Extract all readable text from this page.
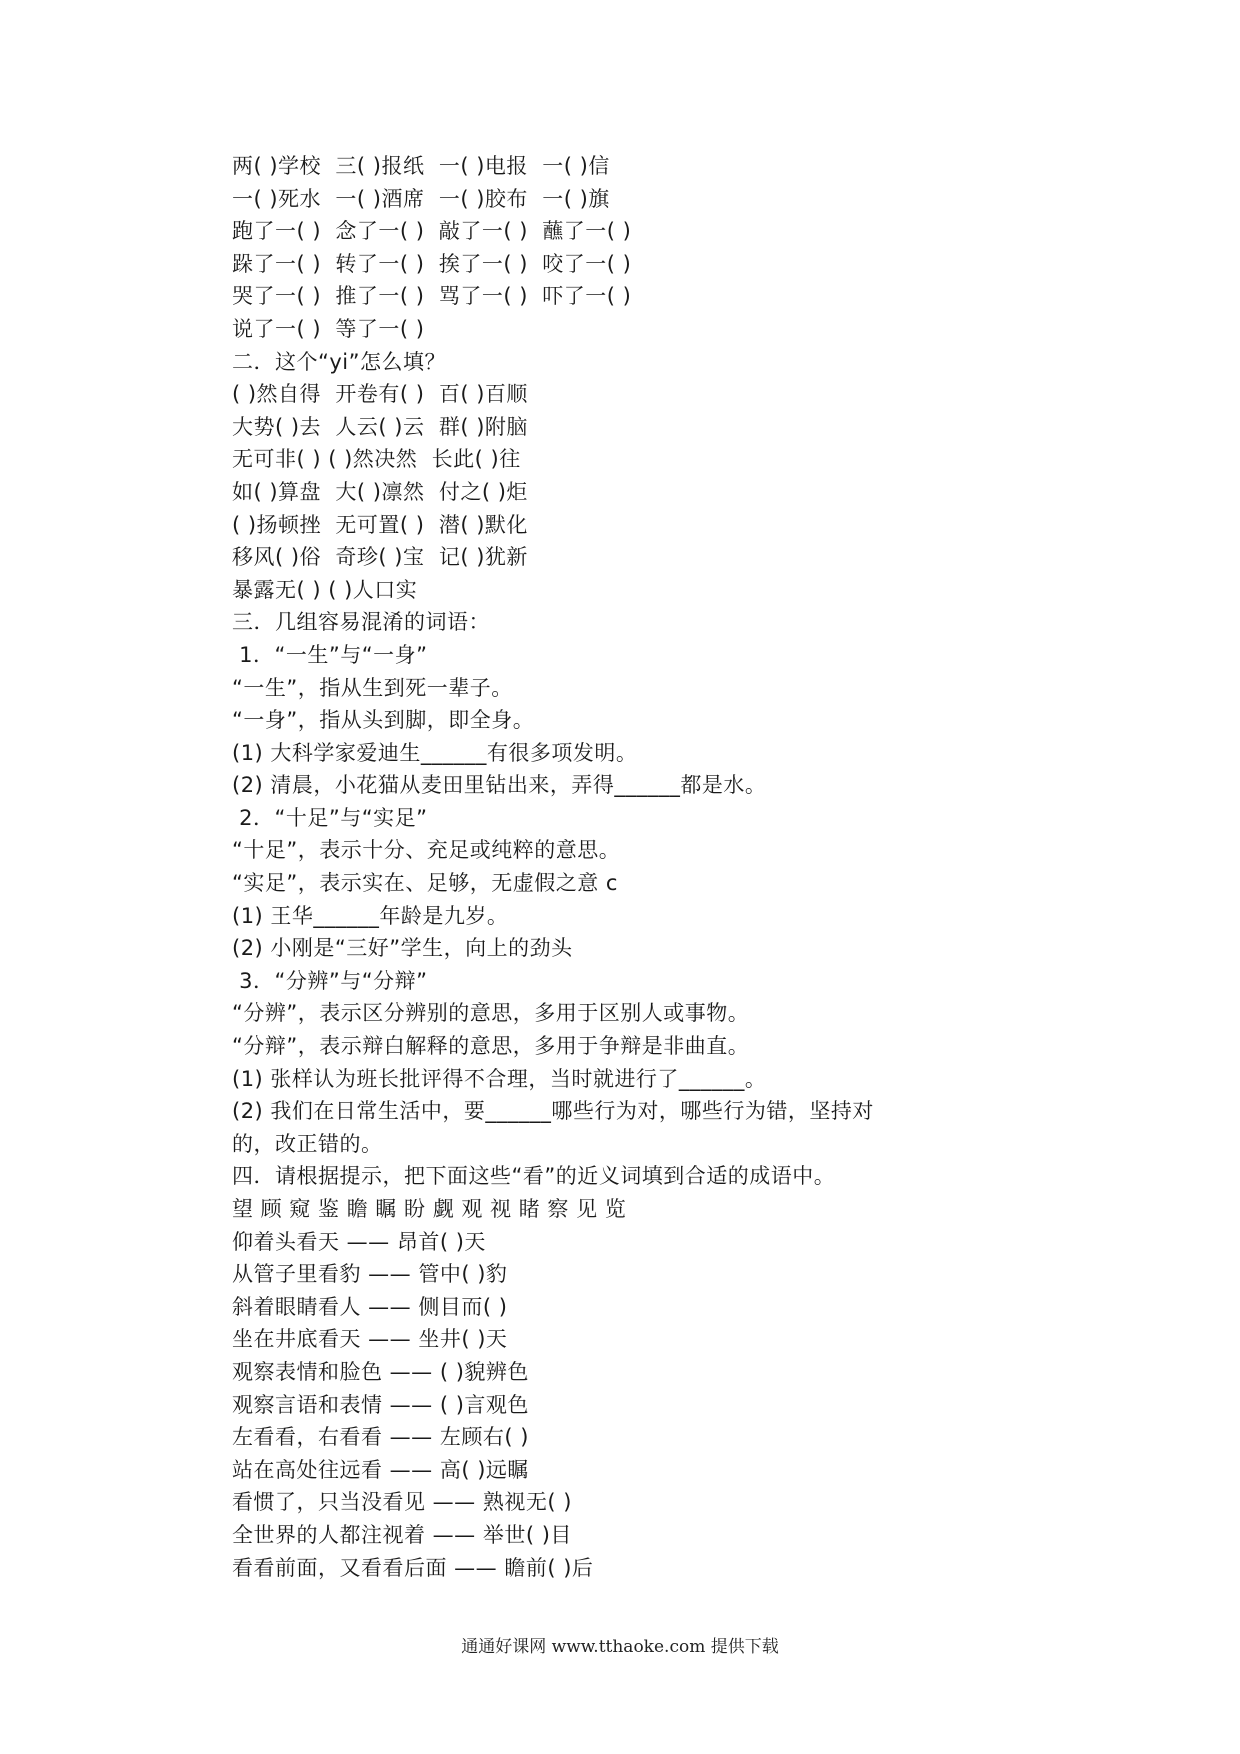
两( )学校  三( )报纸  一( )电报  一( )信
一( )死水  一( )酒席  一( )胶布  一( )旗
跑了一( )  念了一( )  敲了一( )  蘸了一( )
跺了一( )  转了一( )  挨了一( )  咬了一( )
哭了一( )  推了一( )  骂了一( )  吓了一( )
说了一( )  等了一( )
二．这个“yi”怎么填？
( )然自得  开卷有( )  百( )百顺
大势( )去  人云( )云  群( )附脑
无可非( ) ( )然决然  长此( )往
如( )算盘  大( )凛然  付之( )炬
( )扬顿挫  无可置( )  潜( )默化
移风( )俗  奇珍( )宝  记( )犹新
暴露无( ) ( )人口实
三．几组容易混淆的词语：
1．“一生”与“一身”
“一生”，指从生到死一辈子。
“一身”，指从头到脚，即全身。
(1) 大科学家爱迪生______有很多项发明。
(2) 清晨，小花猫从麦田里钻出来，弄得______都是水。
2．“十足”与“实足”
“十足”，表示十分、充足或纯粹的意思。
“实足”，表示实在、足够，无虚假之意 c
(1) 王华______年龄是九岁。
(2) 小刚是“三好”学生，向上的劲头
3．“分辨”与“分辩”
“分辨”，表示区分辨别的意思，多用于区别人或事物。
“分辩”，表示辩白解释的意思，多用于争辩是非曲直。
(1) 张样认为班长批评得不合理，当时就进行了______。
(2) 我们在日常生活中，要______哪些行为对，哪些行为错，坚持对
的，改正错的。
四．请根据提示，把下面这些“看”的近义词填到合适的成语中。
望 顾 窥 鉴 瞻 瞩 盼 觑 观 视 睹 察 见 览
仰着头看天 —— 昂首( )天
从管子里看豹 —— 管中( )豹
斜着眼睛看人 —— 侧目而( )
坐在井底看天 —— 坐井( )天
观察表情和脸色 —— ( )貌辨色
观察言语和表情 —— ( )言观色
左看看，右看看 —— 左顾右( )
站在高处往远看 —— 高( )远瞩
看惯了，只当没看见 —— 熟视无( )
全世界的人都注视着 —— 举世( )目
看看前面，又看看后面 —— 瞻前( )后
通通好课网 www.tthaoke.com 提供下载
